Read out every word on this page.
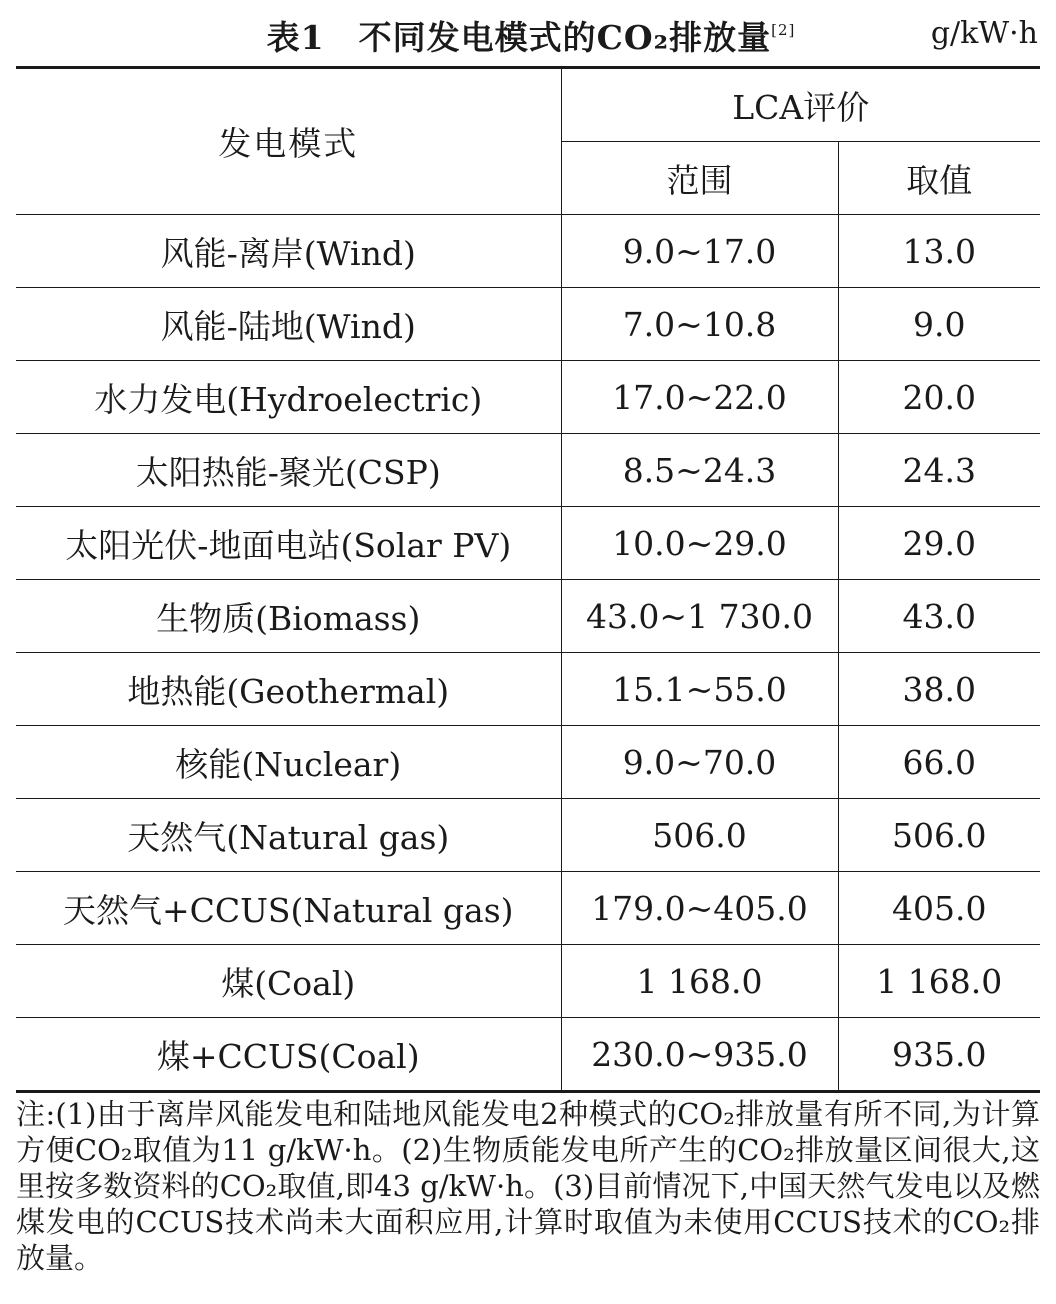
表1 不同发电模式的CO₂排放量[2]	g/kW·h
发电模式	LCA评价	
	范围	取值
风能-离岸(Wind)	9.0~17.0	13.0
风能-陆地(Wind)	7.0~10.8	9.0
水力发电(Hydroelectric)	17.0~22.0	20.0
太阳热能-聚光(CSP)	8.5~24.3	24.3
太阳光伏-地面电站(Solar PV)	10.0~29.0	29.0
生物质(Biomass)	43.0~1 730.0	43.0
地热能(Geothermal)	15.1~55.0	38.0
核能(Nuclear)	9.0~70.0	66.0
天然气(Natural gas)	506.0	506.0
天然气+CCUS(Natural gas)	179.0~405.0	405.0
煤(Coal)	1 168.0	1 168.0
煤+CCUS(Coal)	230.0~935.0	935.0

注:(1)由于离岸风能发电和陆地风能发电2种模式的CO₂排放量有所不同,为计算方便CO₂取值为11 g/kW·h。(2)生物质能发电所产生的CO₂排放量区间很大,这里按多数资料的CO₂取值,即43 g/kW·h。(3)目前情况下,中国天然气发电以及燃煤发电的CCUS技术尚未大面积应用,计算时取值为未使用CCUS技术的CO₂排放量。
